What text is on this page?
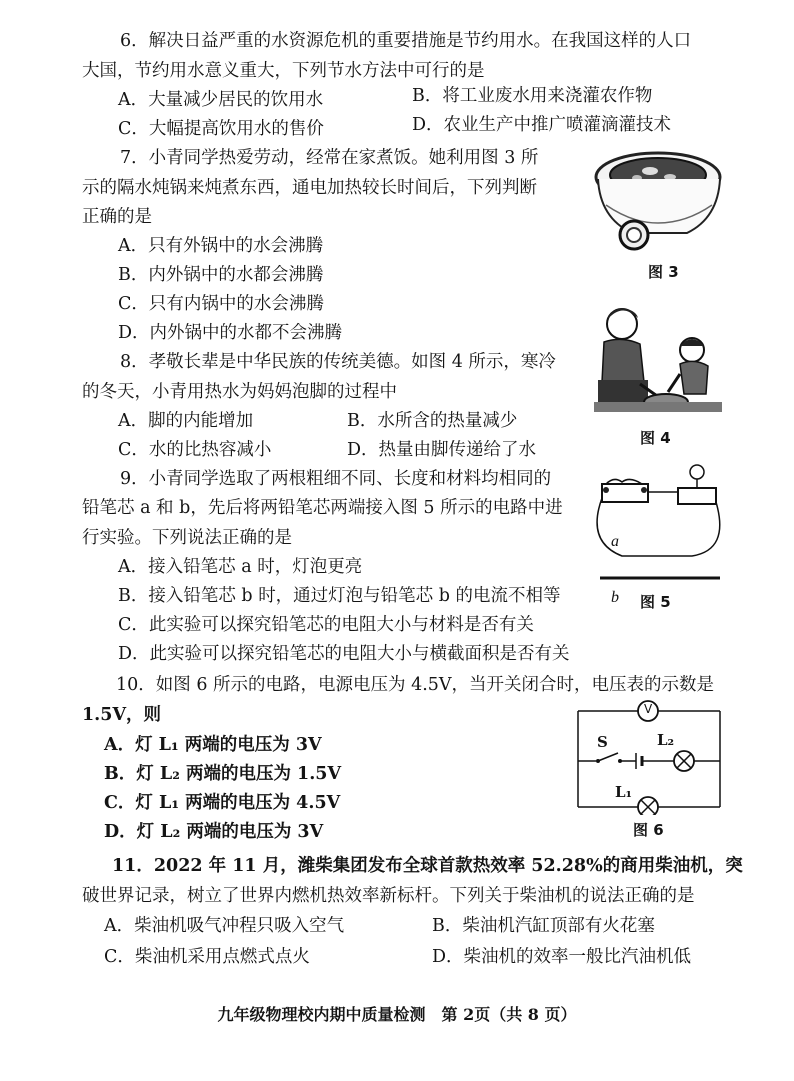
6．解决日益严重的水资源危机的重要措施是节约用水。在我国这样的人口
大国，节约用水意义重大，下列节水方法中可行的是
A．大量减少居民的饮用水	B．将工业废水用来浇灌农作物
C．大幅提高饮用水的售价	D．农业生产中推广喷灌滴灌技术
7．小青同学热爱劳动，经常在家煮饭。她利用图 3 所
示的隔水炖锅来炖煮东西，通电加热较长时间后，下列判断
正确的是
A．只有外锅中的水会沸腾
B．内外锅中的水都会沸腾
C．只有内锅中的水会沸腾
D．内外锅中的水都不会沸腾
图 3
8．孝敬长辈是中华民族的传统美德。如图 4 所示，寒冷
的冬天，小青用热水为妈妈泡脚的过程中
A．脚的内能增加	B．水所含的热量减少
C．水的比热容减小	D．热量由脚传递给了水
图 4
9．小青同学选取了两根粗细不同、长度和材料均相同的
铅笔芯 a 和 b，先后将两铅笔芯两端接入图 5 所示的电路中进
行实验。下列说法正确的是
A．接入铅笔芯 a 时，灯泡更亮
B．接入铅笔芯 b 时，通过灯泡与铅笔芯 b 的电流不相等
C．此实验可以探究铅笔芯的电阻大小与材料是否有关
D．此实验可以探究铅笔芯的电阻大小与横截面积是否有关
a
b 图 5
10．如图 6 所示的电路，电源电压为 4.5V，当开关闭合时，电压表的示数是
1.5V，则
A．灯 L₁ 两端的电压为 3V
B．灯 L₂ 两端的电压为 1.5V
C．灯 L₁ 两端的电压为 4.5V
D．灯 L₂ 两端的电压为 3V
V
S	L₂
L₁
图 6
11．2022 年 11 月，潍柴集团发布全球首款热效率 52.28%的商用柴油机，突
破世界记录，树立了世界内燃机热效率新标杆。下列关于柴油机的说法正确的是
A．柴油机吸气冲程只吸入空气	B．柴油机汽缸顶部有火花塞
C．柴油机采用点燃式点火	D．柴油机的效率一般比汽油机低
九年级物理校内期中质量检测　第 2页（共 8 页）
